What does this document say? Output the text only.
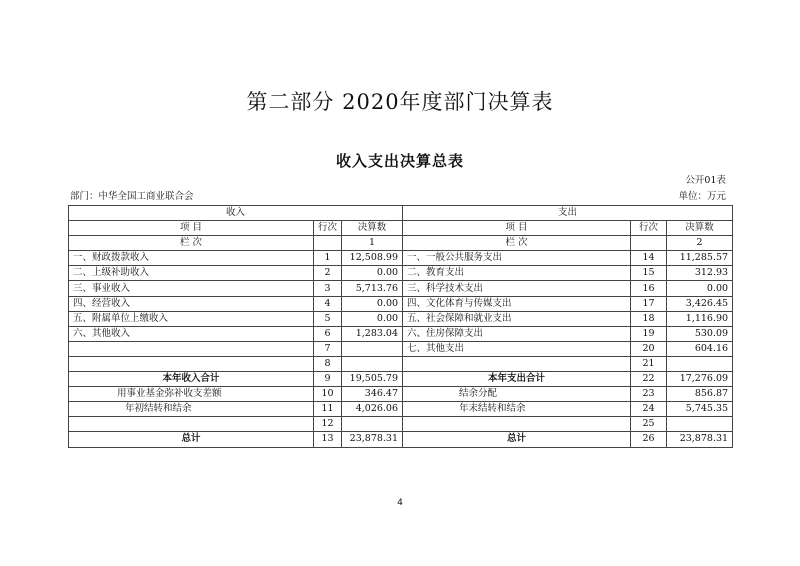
第二部分 2020年度部门决算表
收入支出决算总表
公开01表
部门：中华全国工商业联合会	单位：万元
收入			支出		
项 目	行次	决算数	项 目	行次	决算数
栏 次		1	栏 次		2
一、财政拨款收入	1	12,508.99	一、一般公共服务支出	14	11,285.57
二、上级补助收入	2	0.00	二、教育支出	15	312.93
三、事业收入	3	5,713.76	三、科学技术支出	16	0.00
四、经营收入	4	0.00	四、文化体育与传媒支出	17	3,426.45
五、附属单位上缴收入	5	0.00	五、社会保障和就业支出	18	1,116.90
六、其他收入	6	1,283.04	六、住房保障支出	19	530.09
	7		七、其他支出	20	604.16
	8			21	
本年收入合计	9	19,505.79	本年支出合计	22	17,276.09
用事业基金弥补收支差额	10	346.47	结余分配	23	856.87
年初结转和结余	11	4,026.06	年末结转和结余	24	5,745.35
	12			25	
总计	13	23,878.31	总计	26	23,878.31
4
